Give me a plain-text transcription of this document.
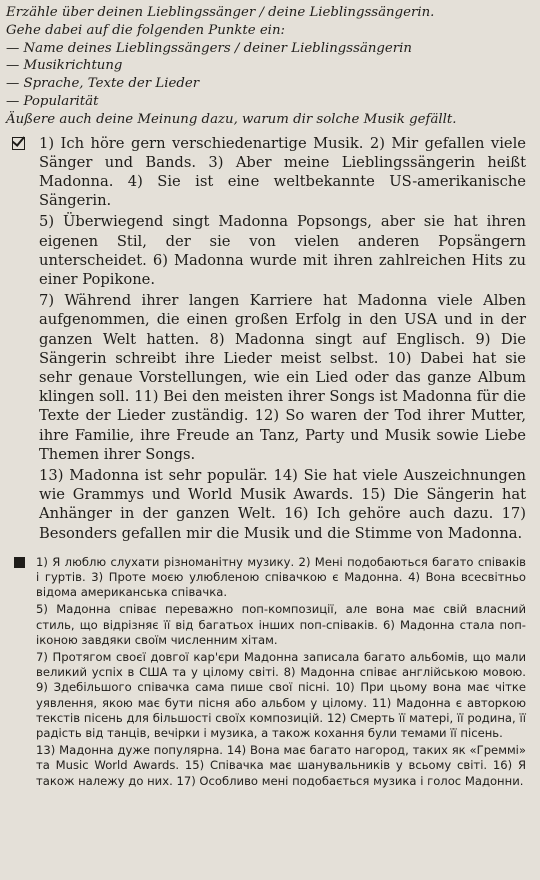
Erzähle über deinen Lieblingssänger / deine Lieblingssängerin.
Gehe dabei auf die folgenden Punkte ein:
— Name deines Lieblingssängers / deiner Lieblingssängerin
— Musikrichtung
— Sprache, Texte der Lieder
— Popularität
Äußere auch deine Meinung dazu, warum dir solche Musik gefällt.

1) Ich höre gern verschiedenartige Musik. 2) Mir gefallen viele Sänger und Bands. 3) Aber meine Lieblingssängerin heißt Madonna. 4) Sie ist eine weltbekannte US-amerikanische Sängerin.

5) Überwiegend singt Madonna Popsongs, aber sie hat ihren eigenen Stil, der sie von vielen anderen Popsängern unterscheidet. 6) Madonna wurde mit ihren zahlreichen Hits zu einer Popikone.

7) Während ihrer langen Karriere hat Madonna viele Alben aufgenommen, die einen großen Erfolg in den USA und in der ganzen Welt hatten. 8) Madonna singt auf Englisch. 9) Die Sängerin schreibt ihre Lieder meist selbst. 10) Dabei hat sie sehr genaue Vorstellungen, wie ein Lied oder das ganze Album klingen soll. 11) Bei den meisten ihrer Songs ist Madonna für die Texte der Lieder zuständig. 12) So waren der Tod ihrer Mutter, ihre Familie, ihre Freude an Tanz, Party und Musik sowie Liebe Themen ihrer Songs.

13) Madonna ist sehr populär. 14) Sie hat viele Auszeichnungen wie Grammys und World Musik Awards. 15) Die Sängerin hat Anhänger in der ganzen Welt. 16) Ich gehöre auch dazu. 17) Besonders gefallen mir die Musik und die Stimme von Madonna.

1) Я люблю слухати різноманітну музику. 2) Мені подобаються багато співаків і гуртів. 3) Проте моєю улюбленою співачкою є Мадонна. 4) Вона всесвітньо відома американська співачка.

5) Мадонна співає переважно поп-композиції, але вона має свій власний стиль, що відрізняє її від багатьох інших поп-співаків. 6) Мадонна стала поп-іконою завдяки своїм численним хітам.

7) Протягом своєї довгої кар'єри Мадонна записала багато альбомів, що мали великий успіх в США та у цілому світі. 8) Мадонна співає англійською мовою. 9) Здебільшого співачка сама пише свої пісні. 10) При цьому вона має чітке уявлення, якою має бути пісня або альбом у цілому. 11) Мадонна є авторкою текстів пісень для більшості своїх композицій. 12) Смерть її матері, її родина, її радість від танців, вечірки і музика, а також кохання були темами її пісень.

13) Мадонна дуже популярна. 14) Вона має багато нагород, таких як «Греммі» та Music World Awards. 15) Співачка має шанувальників у всьому світі. 16) Я також належу до них. 17) Особливо мені подобається музика і голос Мадонни.
